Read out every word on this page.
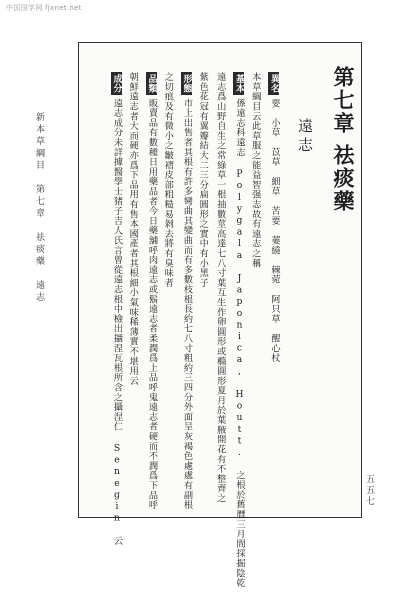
中国国学网 fjxnet.net
第七章
祛痰藥
遠志
異名要　小草　苡草　細草　苦要　葽繞　棘菀　阿只草　醒心杖
本草綱目云此草服之能益智强志故有遠志之稱
基本係遠志科遠志 Polygala Japonica, Houtt. 之根於舊曆三月間採掘陰乾
遠志爲山野自生之常綠草一根抽數莖高達七八寸葉互生作卵圓形或橢圓形夏月於葉腋開花有不整齊之
紫色花冠有翼瓣結大二三分扁圓形之實中有小黑子
形態市上出售者其根有許多彎曲其變曲而有多數枝根長約七八寸粗約三四分外面呈灰褐色處處有副根
之切痕及有微小之皺褶皮部粗糙易剝去將有臭味者
品類販賣品有數種日用藥品者今日藥舖呼肉遠志或鬍遠志者柔潤爲上品呼鬼遠志者硬而不潤爲下品呼
朝鮮遠志者大而硬亦爲下品用有售本國產者其根細小氣味稀薄實不堪用云
成分遠志成分未詳據醫學士猪子吉人氏言曾從遠志根中檢出攝涅瓦根所含之攝涅仁 Senegin 云
新本草綱目　第七章　祛痰藥　遠志
五五七
